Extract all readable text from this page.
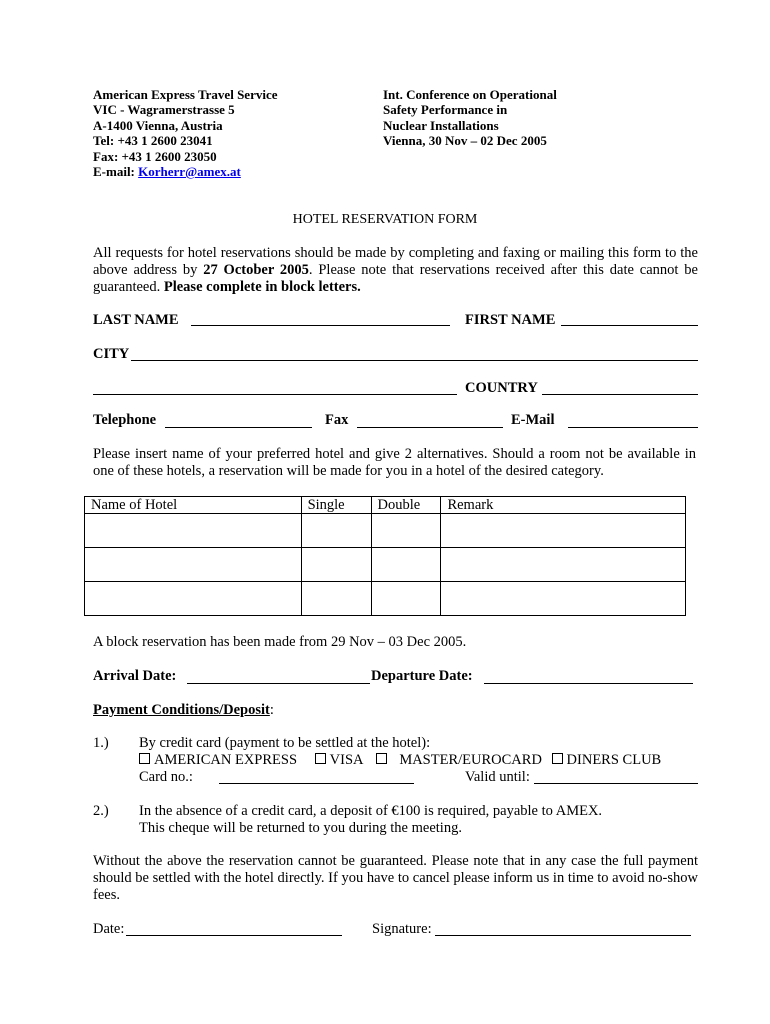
American Express Travel Service
VIC - Wagramerstrasse 5
A-1400 Vienna, Austria
Tel: +43 1 2600 23041
Fax: +43 1 2600 23050
E-mail: Korherr@amex.at
Int. Conference on Operational
Safety Performance in
Nuclear Installations
Vienna, 30 Nov – 02 Dec 2005
HOTEL RESERVATION FORM
All requests for hotel reservations should be made by completing and faxing or mailing this form to the above address by 27 October 2005. Please note that reservations received after this date cannot be guaranteed. Please complete in block letters.
LAST NAME	FIRST NAME
CITY
COUNTRY
Telephone	Fax	E-Mail
Please insert name of your preferred hotel and give 2 alternatives. Should a room not be available in one of these hotels, a reservation will be made for you in a hotel of the desired category.
Name of Hotel	Single	Double	Remark

A block reservation has been made from 29 Nov – 03 Dec 2005.
Arrival Date:	Departure Date:
Payment Conditions/Deposit:
1.) By credit card (payment to be settled at the hotel):
AMERICAN EXPRESS VISA	MASTER/EUROCARD DINERS CLUB
Card no.:	Valid until:
2.) In the absence of a credit card, a deposit of €100 is required, payable to AMEX.
This cheque will be returned to you during the meeting.
Without the above the reservation cannot be guaranteed. Please note that in any case the full payment should be settled with the hotel directly. If you have to cancel please inform us in time to avoid no-show fees.
Date:	Signature:
